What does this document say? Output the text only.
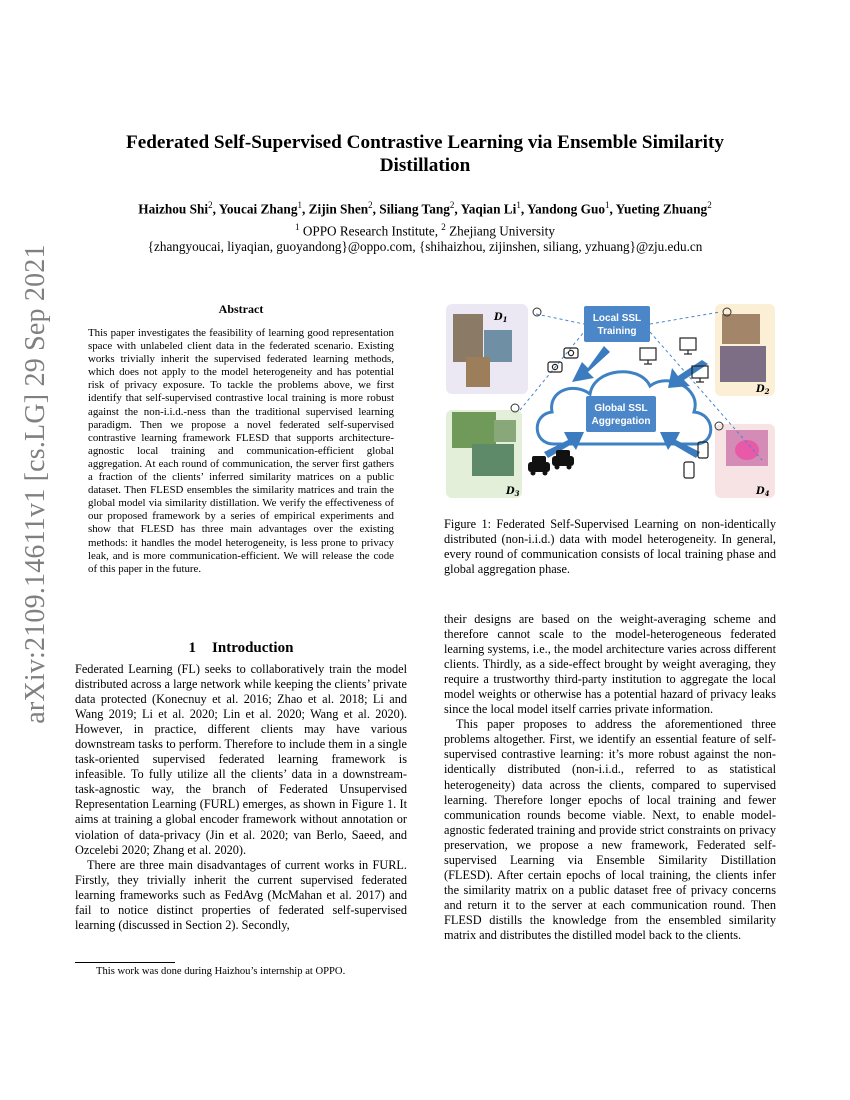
arXiv:2109.14611v1 [cs.LG] 29 Sep 2021
Federated Self-Supervised Contrastive Learning via Ensemble Similarity Distillation
Haizhou Shi$^2$, Youcai Zhang$^1$, Zijin Shen$^2$, Siliang Tang$^2$, Yaqian Li$^1$, Yandong Guo$^1$, Yueting Zhuang$^2$
$^1$ OPPO Research Institute, $^2$ Zhejiang University
{zhangyoucai, liyaqian, guoyandong}@oppo.com, {shihaizhou, zijinshen, siliang, yzhuang}@zju.edu.cn
Abstract

This paper investigates the feasibility of learning good representation space with unlabeled client data in the federated scenario. Existing works trivially inherit the supervised federated learning methods, which does not apply to the model heterogeneity and has potential risk of privacy exposure. To tackle the problems above, we first identify that self-supervised contrastive local training is more robust against the non-i.i.d.-ness than the traditional supervised learning paradigm. Then we propose a novel federated self-supervised contrastive learning framework FLESD that supports architecture-agnostic local training and communication-efficient global aggregation. At each round of communication, the server first gathers a fraction of the clients’ inferred similarity matrices on a public dataset. Then FLESD ensembles the similarity matrices and train the global model via similarity distillation. We verify the effectiveness of our proposed framework by a series of empirical experiments and show that FLESD has three main advantages over the existing methods: it handles the model heterogeneity, is less prone to privacy leak, and is more communication-efficient. We will release the code of this paper in the future.

1 Introduction

Federated Learning (FL) seeks to collaboratively train the model distributed across a large network while keeping the clients’ private data protected (Konecnuy et al. 2016; Zhao et al. 2018; Li and Wang 2019; Li et al. 2020; Lin et al. 2020; Wang et al. 2020). However, in practice, different clients may have various downstream tasks to perform. Therefore to include them in a single task-oriented supervised federated learning framework is infeasible. To fully utilize all the clients’ data in a downstream-task-agnostic way, the branch of Federated Unsupervised Representation Learning (FURL) emerges, as shown in Figure 1. It aims at training a global encoder framework without annotation or violation of data-privacy (Jin et al. 2020; van Berlo, Saeed, and Ozcelebi 2020; Zhang et al. 2020).

There are three main disadvantages of current works in FURL. Firstly, they trivially inherit the current supervised federated learning frameworks such as FedAvg (McMahan et al. 2017) and fail to notice distinct properties of federated self-supervised learning (discussed in Section 2). Secondly,

This work was done during Haizhou’s internship at OPPO.
Local SSL
Training
Global SSL
Aggregation
$D_1$
$D_2$
$D_3$	$D_4$

Figure 1: Federated Self-Supervised Learning on non-identically distributed (non-i.i.d.) data with model heterogeneity. In general, every round of communication consists of local training phase and global aggregation phase.

their designs are based on the weight-averaging scheme and therefore cannot scale to the model-heterogeneous federated learning systems, i.e., the model architecture varies across different clients. Thirdly, as a side-effect brought by weight averaging, they require a trustworthy third-party institution to aggregate the local model weights or otherwise has a potential hazard of privacy leaks since the local model itself carries private information.

This paper proposes to address the aforementioned three problems altogether. First, we identify an essential feature of self-supervised contrastive learning: it’s more robust against the non-identically distributed (non-i.i.d., referred to as statistical heterogeneity) data across the clients, compared to supervised learning. Therefore longer epochs of local training and fewer communication rounds become viable. Next, to enable model-agnostic federated training and provide strict constraints on privacy preservation, we propose a new framework, Federated self-supervised Learning via Ensemble Similarity Distillation (FLESD). After certain epochs of local training, the clients infer the similarity matrix on a public dataset free of privacy concerns and return it to the server at each communication round. Then FLESD distills the knowledge from the ensembled similarity matrix and distributes the distilled model back to the clients.
